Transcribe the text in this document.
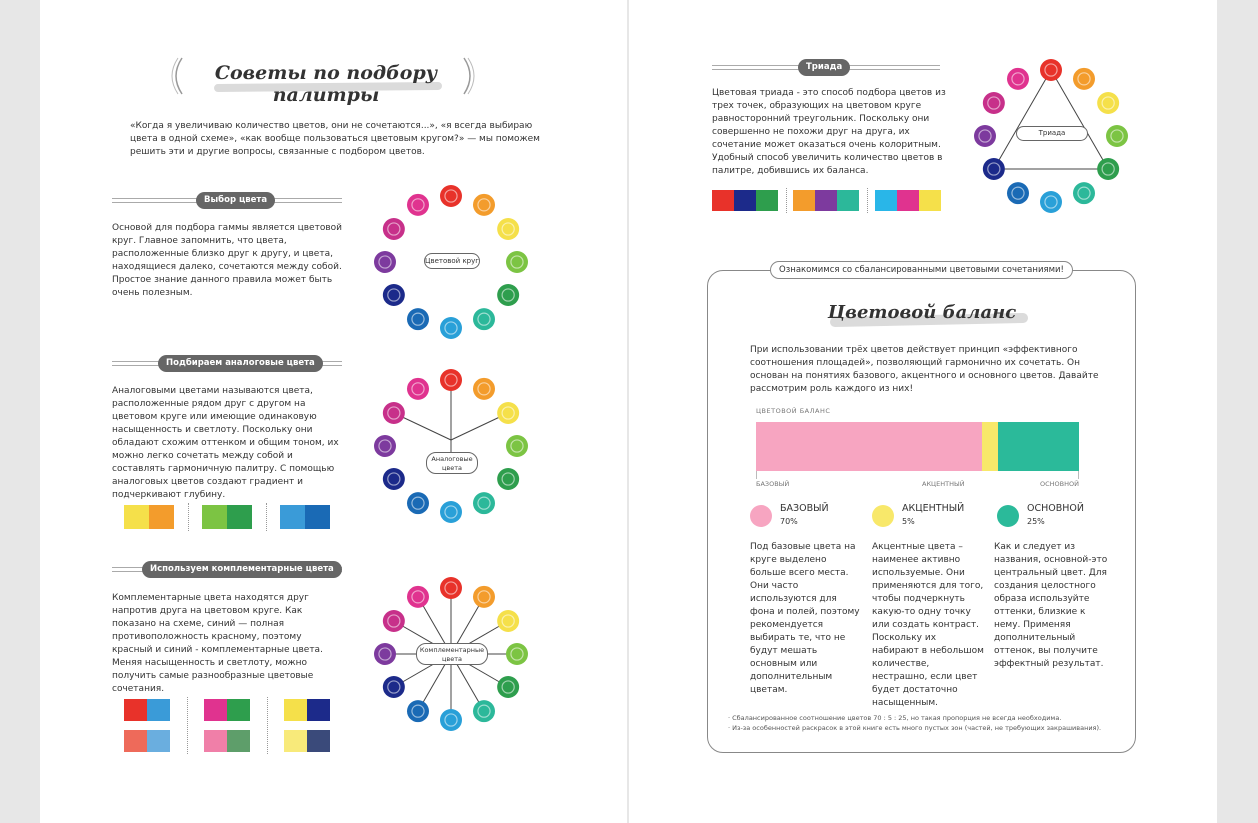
Советы по подбору палитры
«Когда я увеличиваю количество цветов, они не сочетаются...», «я всегда выбираю цвета в одной схеме», «как вообще пользоваться цветовым кругом?» — мы поможем решить эти и другие вопросы, связанные с подбором цветов.
Выбор цвета
Основой для подбора гаммы является цветовой круг. Главное запомнить, что цвета, расположенные близко друг к другу, и цвета, находящиеся далеко, сочетаются между собой. Простое знание данного правила может быть очень полезным.
Цветовой круг
Подбираем аналоговые цвета
Аналоговыми цветами называются цвета, расположенные рядом друг с другом на цветовом круге или имеющие одинаковую насыщенность и светлоту. Поскольку они обладают схожим оттенком и общим тоном, их можно легко сочетать между собой и составлять гармоничную палитру. С помощью аналоговых цветов создают градиент и подчеркивают глубину.
Аналоговые
цвета
Используем комплементарные цвета
Комплементарные цвета находятся друг напротив друга на цветовом круге. Как показано на схеме, синий — полная противоположность красному, поэтому красный и синий - комплементарные цвета. Меняя насыщенность и светлоту, можно получить самые разнообразные цветовые сочетания.
Комплементарные
цвета
Триада
Цветовая триада - это способ подбора цветов из трех точек, образующих на цветовом круге равносторонний треугольник. Поскольку они совершенно не похожи друг на друга, их сочетание может оказаться очень колоритным. Удобный способ увеличить количество цветов в палитре, добившись их баланса.
Триада
Ознакомимся со сбалансированными цветовыми сочетаниями!
Цветовой баланс
При использовании трёх цветов действует принцип «эффективного соотношения площадей», позволяющий гармонично их сочетать. Он основан на понятиях базового, акцентного и основного цветов. Давайте рассмотрим роль каждого из них!
ЦВЕТОВОЙ БАЛАНС
БАЗОВЫЙ	АКЦЕНТНЫЙ	ОСНОВНОЙ
БАЗОВЫЙ
70%
АКЦЕНТНЫЙ
5%
ОСНОВНОЙ
25%
Под базовые цвета на круге выделено больше всего места. Они часто используются для фона и полей, поэтому рекомендуется выбирать те, что не будут мешать основным или дополнительным цветам.
Акцентные цвета – наименее активно используемые. Они применяются для того, чтобы подчеркнуть какую-то одну точку или создать контраст. Поскольку их набирают в небольшом количестве, нестрашно, если цвет будет достаточно насыщенным.
Как и следует из названия, основной-это центральный цвет. Для создания целостного образа используйте оттенки, близкие к нему. Применяя дополнительный оттенок, вы получите эффектный результат.
· Сбалансированное соотношение цветов 70 : 5 : 25, но такая пропорция не всегда необходима.
· Из-за особенностей раскрасок в этой книге есть много пустых зон (частей, не требующих закрашивания).
